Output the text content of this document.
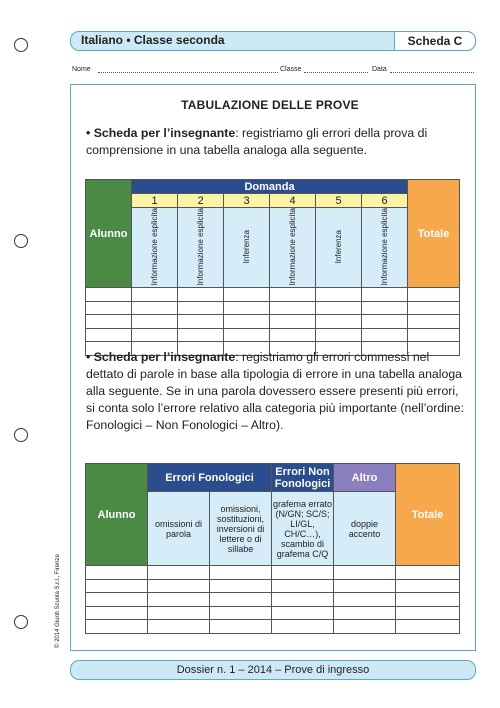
Italiano • Classe seconda	Scheda C
Nome	Classe	Data
TABULAZIONE DELLE PROVE
• Scheda per l’insegnante: registriamo gli errori della prova di comprensione in una tabella analoga alla seguente.
Alunno	Domanda						Totale
	1	2	3	4	5	6	
	Informazione esplicita	Informazione esplicita	Inferenza	Informazione esplicita	Inferenza	Informazione esplicita	

• Scheda per l’insegnante: registriamo gli errori commessi nel dettato di parole in base alla tipologia di errore in una tabella analoga alla seguente. Se in una parola dovessero essere presenti più errori, si conta solo l’errore relativo alla categoria più importante (nell’ordine: Fonologici – Non Fonologici – Altro).
Alunno	Errori Fonologici		Errori Non Fonologici	Altro	Totale
	omissioni di parola	omissioni, sostituzioni, inversioni di lettere o di sillabe	grafema errato (N/GN; SC/S; LI/GL, CH/C…), scambio di grafema C/Q	doppie accento	

© 2014 Giunti Scuola S.r.l., Firenze
Dossier n. 1 – 2014 – Prove di ingresso
